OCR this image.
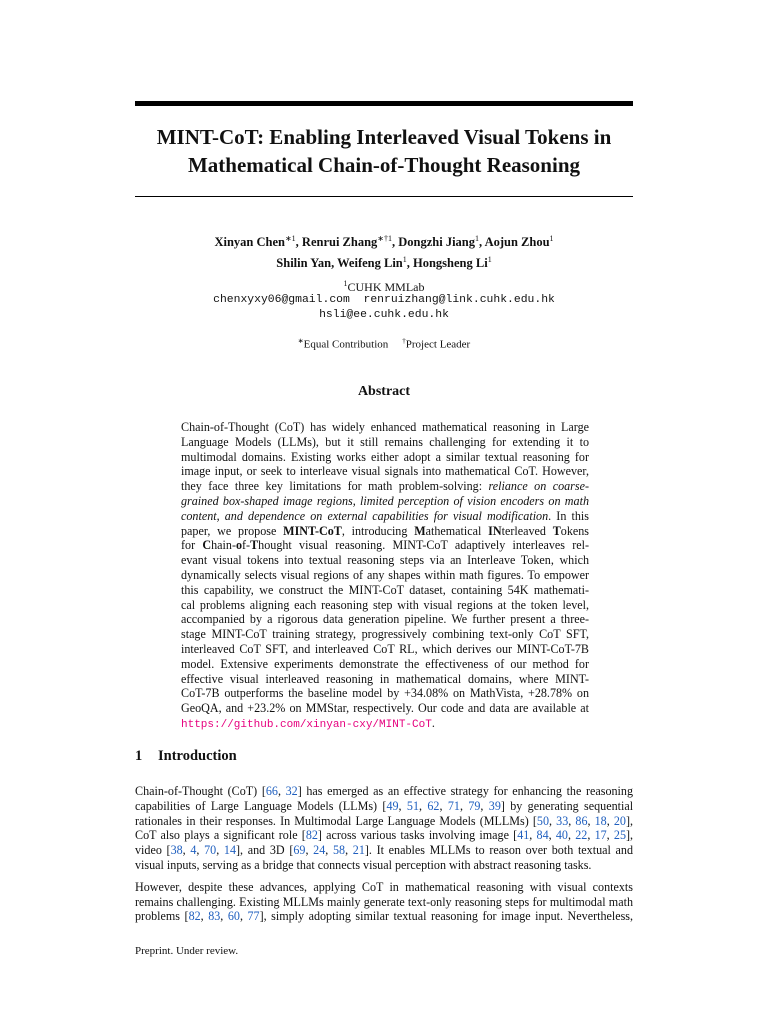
MINT-CoT: Enabling Interleaved Visual Tokens in
Mathematical Chain-of-Thought Reasoning
Xinyan Chen$^{∗1}$, Renrui Zhang$^{∗\dagger 1}$, Dongzhi Jiang$^1$, Aojun Zhou$^1$
Shilin Yan, Weifeng Lin$^1$, Hongsheng Li$^1$
$^1$CUHK MMLab
chenxyxy06@gmail.com  renruizhang@link.cuhk.edu.hk
hsli@ee.cuhk.edu.hk
∗Equal Contribution †Project Leader
Abstract
Chain-of-Thought (CoT) has widely enhanced mathematical reasoning in Large
Language Models (LLMs), but it still remains challenging for extending it to
multimodal domains. Existing works either adopt a similar textual reasoning for
image input, or seek to interleave visual signals into mathematical CoT. However,
they face three key limitations for math problem-solving: reliance on coarse-
grained box-shaped image regions, limited perception of vision encoders on math
content, and dependence on external capabilities for visual modification. In this
paper, we propose MINT-CoT, introducing Mathematical INterleaved Tokens
for Chain-of-Thought visual reasoning. MINT-CoT adaptively interleaves rel-
evant visual tokens into textual reasoning steps via an Interleave Token, which
dynamically selects visual regions of any shapes within math figures. To empower
this capability, we construct the MINT-CoT dataset, containing 54K mathemati-
cal problems aligning each reasoning step with visual regions at the token level,
accompanied by a rigorous data generation pipeline. We further present a three-
stage MINT-CoT training strategy, progressively combining text-only CoT SFT,
interleaved CoT SFT, and interleaved CoT RL, which derives our MINT-CoT-7B
model. Extensive experiments demonstrate the effectiveness of our method for
effective visual interleaved reasoning in mathematical domains, where MINT-
CoT-7B outperforms the baseline model by +34.08% on MathVista, +28.78% on
GeoQA, and +23.2% on MMStar, respectively. Our code and data are available at
https://github.com/xinyan-cxy/MINT-CoT.
1 Introduction
Chain-of-Thought (CoT) [66, 32] has emerged as an effective strategy for enhancing the reasoning
capabilities of Large Language Models (LLMs) [49, 51, 62, 71, 79, 39] by generating sequential
rationales in their responses. In Multimodal Large Language Models (MLLMs) [50, 33, 86, 18, 20],
CoT also plays a significant role [82] across various tasks involving image [41, 84, 40, 22, 17, 25],
video [38, 4, 70, 14], and 3D [69, 24, 58, 21]. It enables MLLMs to reason over both textual and
visual inputs, serving as a bridge that connects visual perception with abstract reasoning tasks.
However, despite these advances, applying CoT in mathematical reasoning with visual contexts
remains challenging. Existing MLLMs mainly generate text-only reasoning steps for multimodal math
problems [82, 83, 60, 77], simply adopting similar textual reasoning for image input. Nevertheless,
Preprint. Under review.
